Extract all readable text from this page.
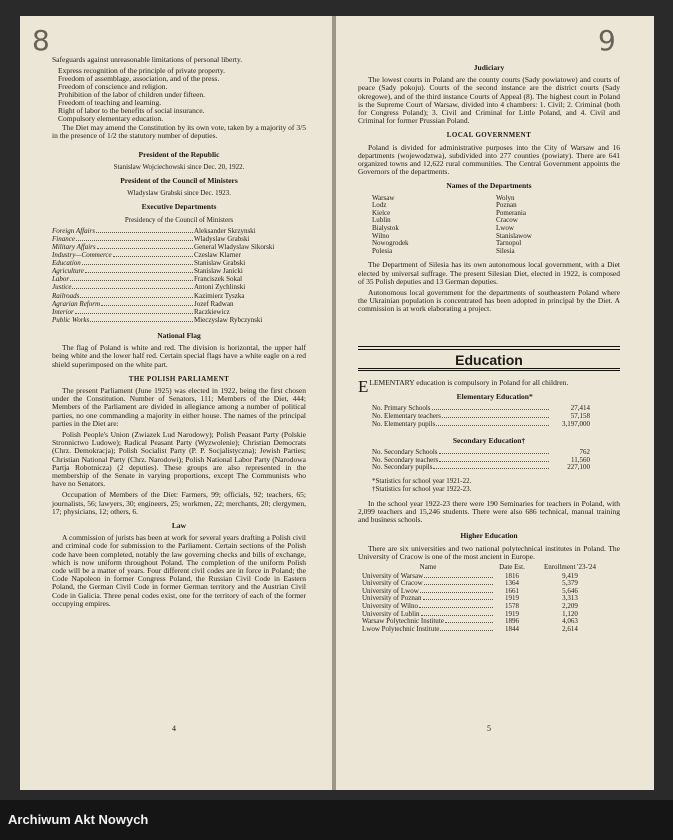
8

Safeguards against unreasonable limitations of personal liberty.

Express recognition of the principle of private property.
Freedom of assemblage, association, and of the press.
Freedom of conscience and religion.
Prohibition of the labor of children under fifteen.
Freedom of teaching and learning.
Right of labor to the benefits of social insurance.
Compulsory elementary education.

The Diet may amend the Constitution by its own vote, taken by a majority of 3/5 in the presence of 1/2 the statutory number of deputies.

President of the Republic
Stanislaw Wojciechowski since Dec. 20, 1922.
President of the Council of Ministers
Wladyslaw Grabski since Dec. 1923.
Executive Departments
Presidency of the Council of Ministers
Foreign Affairs	Aleksander Skrzynski
Finance	Wladyslaw Grabski
Military Affairs	General Wladyslaw Sikorski
Industry—Commerce	Czeslaw Klarner
Education	Stanislaw Grabski
Agriculture	Stanislaw Janicki
Labor	Franciszek Sokal
Justice	Antoni Zychlinski
Railroads	Kazimierz Tyszka
Agrarian Reform	Jozef Radwan
Interior	Raczkiewicz
Public Works	Mieczyslaw Rybczynski
National Flag

The flag of Poland is white and red. The division is horizontal, the upper half being white and the lower half red. Certain special flags have a white eagle on a red shield superimposed on the white part.

THE POLISH PARLIAMENT

The present Parliament (June 1925) was elected in 1922, being the first chosen under the Constitution. Number of Senators, 111; Members of the Diet, 444; Members of the Parliament are divided in allegiance among a number of political parties, no one commanding a majority in either house. The names of the principal parties in the Diet are:

Polish People's Union (Zwiazek Lud Narodowy); Polish Peasant Party (Polskie Stronnictwo Ludowe); Radical Peasant Party (Wyzwolenie); Christian Democrats (Chrz. Demokracja); Polish Socialist Party (P. P. Socjalistyczna); Jewish Parties; Christian National Party (Chrz. Narodowi); Polish National Labor Party (Narodowa Partja Robotnicza) (2 deputies). These groups are also represented in the membership of the Senate in varying proportions, except The Communists who have no Senators.

Occupation of Members of the Diet: Farmers, 99; officials, 92; teachers, 65; journalists, 56; lawyers, 30; engineers, 25; workmen, 22; merchants, 20; clergymen, 17; physicians, 12; others, 6.

Law

A commission of jurists has been at work for several years drafting a Polish civil and criminal code for submission to the Parliament. Certain sections of the Polish code have been completed, notably the law governing checks and bills of exchange, which is now uniform throughout Poland. The completion of the uniform Polish code will be a matter of years. Four different civil codes are in force in Poland; the Code Napoleon in former Congress Poland, the Russian Civil Code in Eastern Poland, the German Civil Code in former German territory and the Austrian Civil Code in Galicia. Three penal codes exist, one for the territory of each of the former occupying empires.

4
9
Judiciary

The lowest courts in Poland are the county courts (Sady powiatowe) and courts of peace (Sady pokoju). Courts of the second instance are the district courts (Sady okregowe), and of the third instance Courts of Appeal (8). The highest court in Poland is the Supreme Court of Warsaw, divided into 4 chambers: 1. Civil; 2. Criminal (both for Congress Poland); 3. Civil and Criminal for Little Poland, and 4. Civil and Criminal for former Prussian Poland.

LOCAL GOVERNMENT

Poland is divided for administrative purposes into the City of Warsaw and 16 departments (wojewodztwa), subdivided into 277 counties (powiaty). There are 641 organized towns and 12,622 rural communities. The Central Government appoints the Governors of the departments.

Names of the Departments
Warsaw
Lodz
Kielce
Lublin
Bialystok
Wilno
Nowogrodek
Polesia
Wolyn
Poznan
Pomerania
Cracow
Lwow
Stanislawow
Tarnopol
Silesia

The Department of Silesia has its own autonomous local government, with a Diet elected by universal suffrage. The present Silesian Diet, elected in 1922, is composed of 35 Polish deputies and 13 German deputies.

Autonomous local government for the departments of southeastern Poland where the Ukrainian population is concentrated has been adopted in principal by the Diet. A commission is at work elaborating a project.

Education

ELEMENTARY education is compulsory in Poland for all children.

Elementary Education*
No. Primary Schools	27,414
No. Elementary teachers	57,158
No. Elementary pupils	3,197,000
Secondary Education†
No. Secondary Schools	762
No. Secondary teachers	11,560
No. Secondary pupils	227,100
*Statistics for school year 1921-22.
†Statistics for school year 1922-23.

In the school year 1922-23 there were 190 Seminaries for teachers in Poland, with 2,099 teachers and 15,246 students. There were also 686 technical, manual training and business schools.

Higher Education

There are six universities and two national polytechnical institutes in Poland. The University of Cracow is one of the most ancient in Europe.

Name	Date Est.	Enrollment '23-'24
University of Warsaw	1816	9,419
University of Cracow	1364	5,379
University of Lwow	1661	5,646
University of Poznan	1919	3,313
University of Wilno	1578	2,209
University of Lublin	1919	1,120
Warsaw Polytechnic Institute	1896	4,063
Lwow Polytechnic Institute	1844	2,614
5
Archiwum Akt Nowych
